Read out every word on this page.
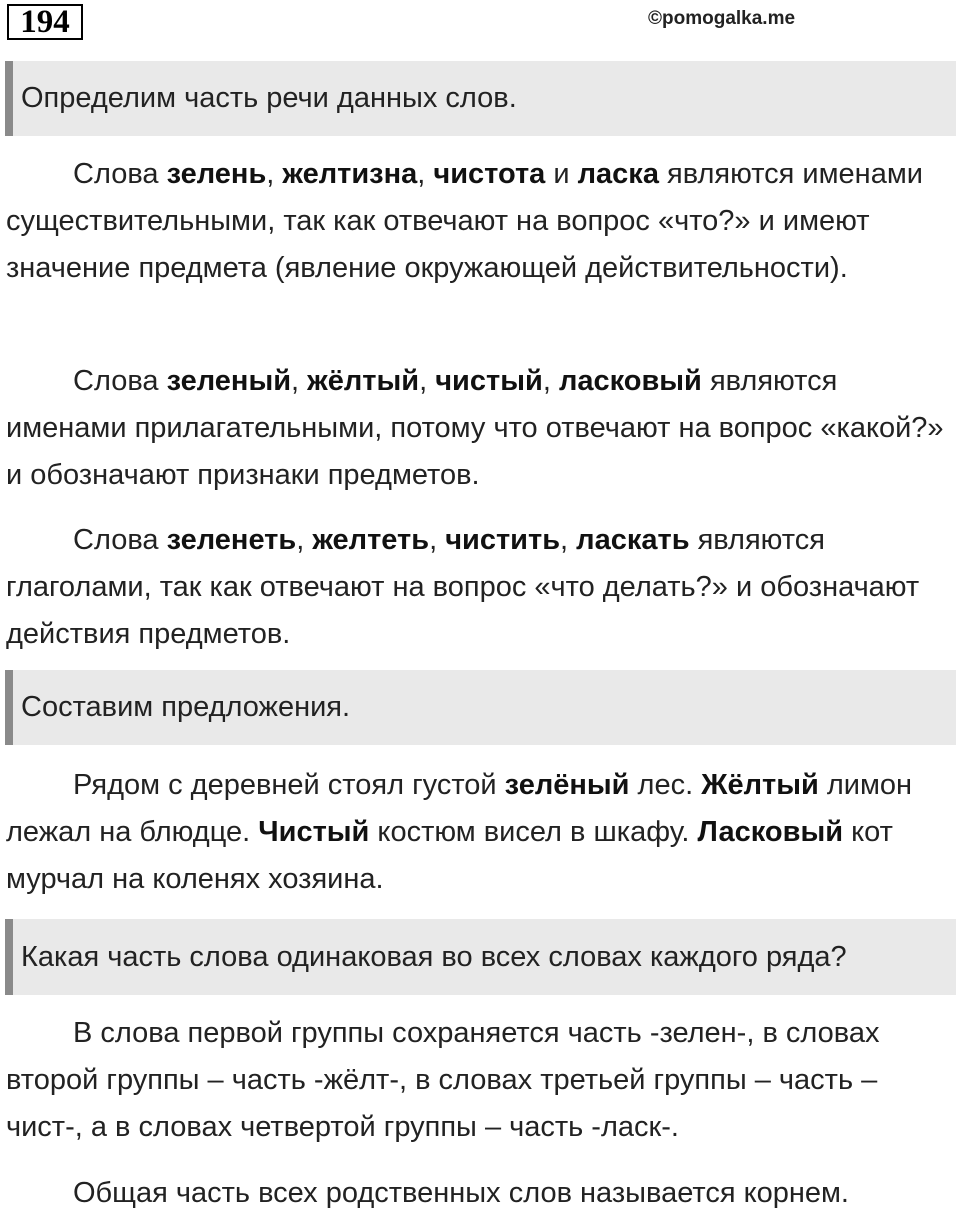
194	©pomogalka.me
Определим часть речи данных слов.

Слова зелень, желтизна, чистота и ласка являются именами существительными, так как отвечают на вопрос «что?» и имеют значение предмета (явление окружающей действительности).

Слова зеленый, жёлтый, чистый, ласковый являются именами прилагательными, потому что отвечают на вопрос «какой?» и обозначают признаки предметов.

Слова зеленеть, желтеть, чистить, ласкать являются глаголами, так как отвечают на вопрос «что делать?» и обозначают действия предметов.

Составим предложения.

Рядом с деревней стоял густой зелёный лес. Жёлтый лимон лежал на блюдце. Чистый костюм висел в шкафу. Ласковый кот мурчал на коленях хозяина.

Какая часть слова одинаковая во всех словах каждого ряда?

В слова первой группы сохраняется часть -зелен-, в словах второй группы – часть -жёлт-, в словах третьей группы – часть – чист-, а в словах четвертой группы – часть -ласк-.

Общая часть всех родственных слов называется корнем.
